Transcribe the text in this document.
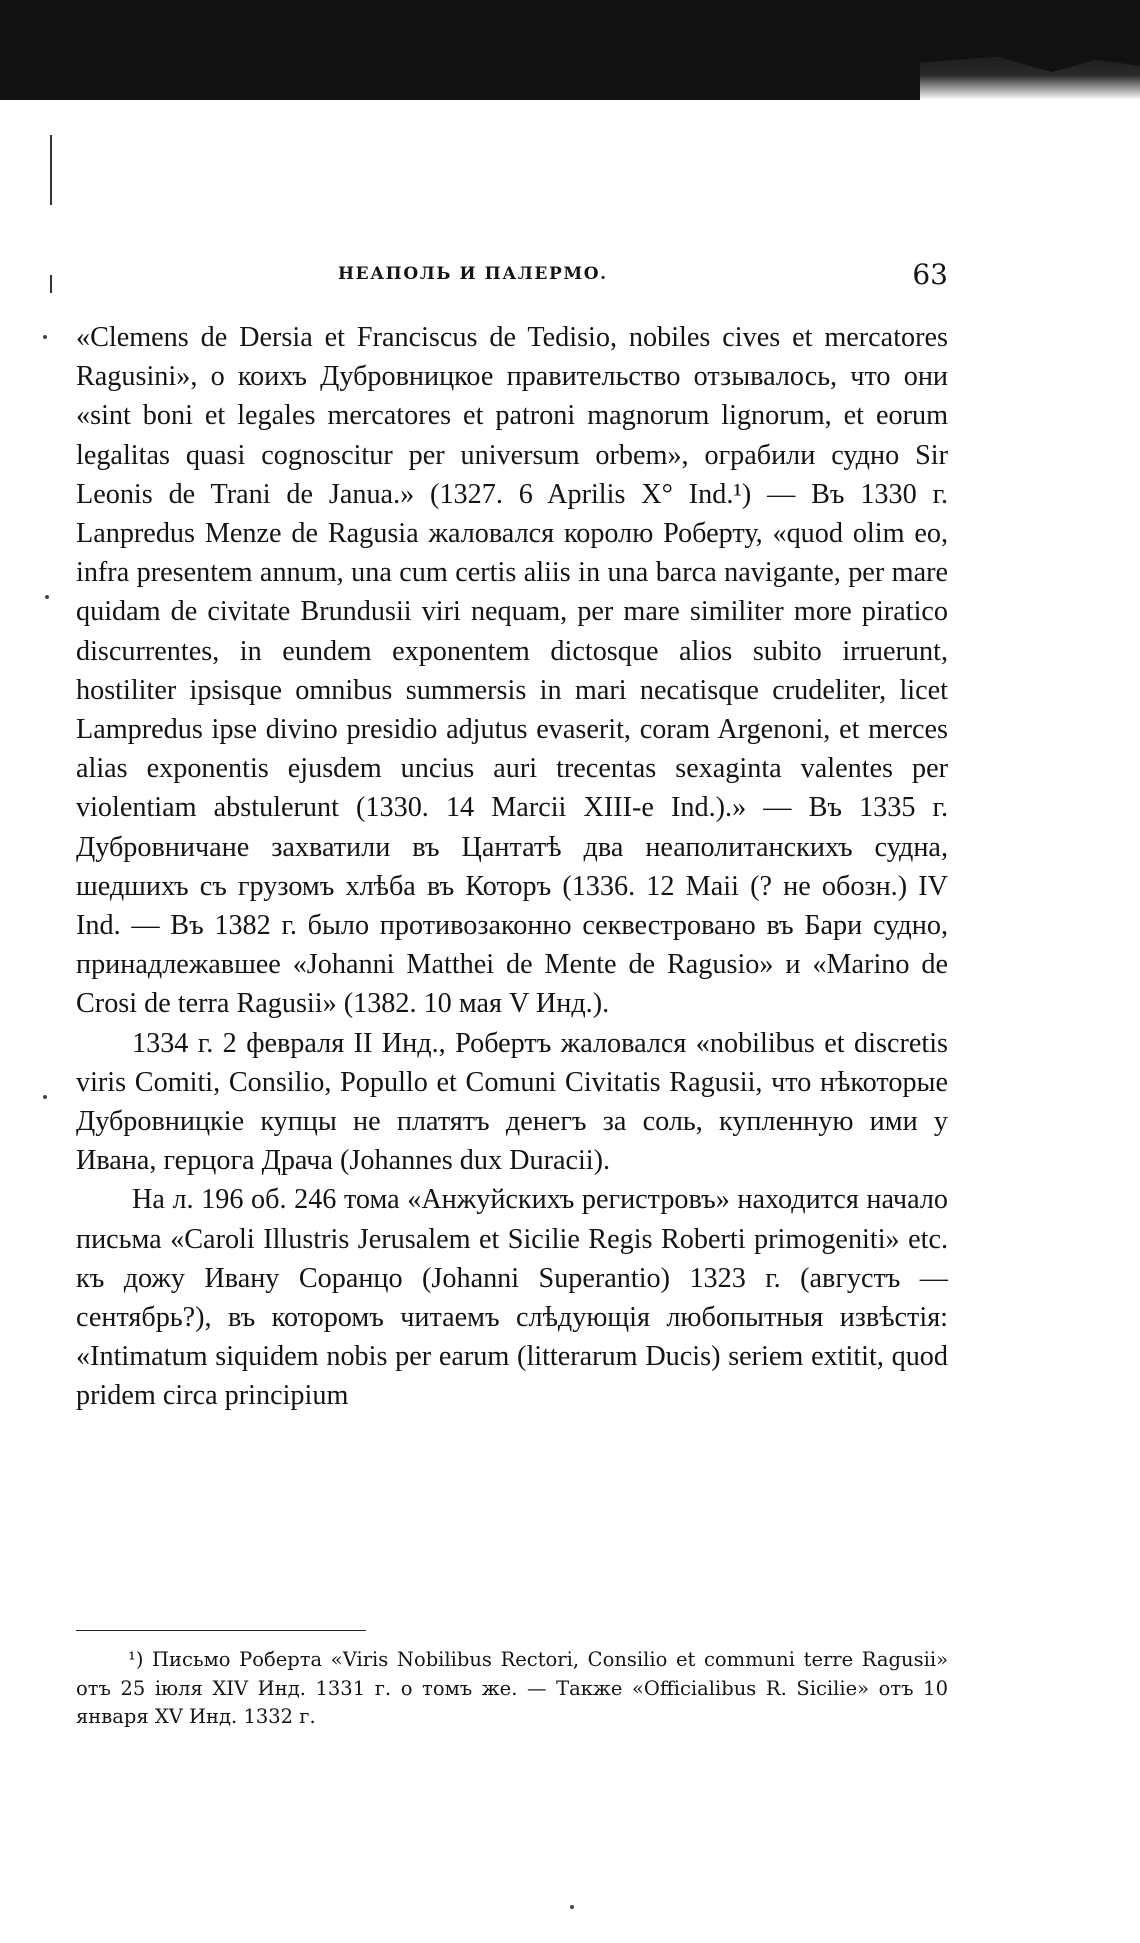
НЕАПОЛЬ И ПАЛЕРМО.	63

«Clemens de Dersia et Franciscus de Tedisio, nobiles cives et mercatores Ragusini», о коихъ Дубровницкое правительство отзывалось, что они «sint boni et legales mercatores et patroni magnorum lignorum, et eorum legalitas quasi cognoscitur per universum orbem», ограбили судно Sir Leonis de Trani de Janua.» (1327. 6 Aprilis X° Ind.¹) — Въ 1330 г. Lanpredus Menze de Ragusia жаловался королю Роберту, «quod olim eo, infra presentem annum, una cum certis aliis in una barca navigante, per mare quidam de civitate Brundusii viri nequam, per mare similiter more piratico discurrentes, in eundem exponentem dictosque alios subito irruerunt, hostiliter ipsisque omnibus summersis in mari necatisque crudeliter, licet Lampredus ipse divino presidio adjutus evaserit, coram Argenoni, et merces alias exponentis ejusdem uncius auri trecentas sexaginta valentes per violentiam abstulerunt (1330. 14 Marcii XIII-e Ind.).» — Въ 1335 г. Дубровничане захватили въ Цантатѣ два неаполитанскихъ судна, шедшихъ съ грузомъ хлѣба въ Которъ (1336. 12 Maii (? не обозн.) IV Ind. — Въ 1382 г. было противозаконно секвестровано въ Бари судно, принадлежавшее «Johanni Matthei de Mente de Ragusio» и «Marino de Crosi de terra Ragusii» (1382. 10 мая V Инд.).

1334 г. 2 февраля II Инд., Робертъ жаловался «nobilibus et discretis viris Comiti, Consilio, Popullo et Comuni Civitatis Ragusii, что нѣкоторые Дубровницкіе купцы не платятъ денегъ за соль, купленную ими у Ивана, герцога Драча (Johannes dux Duracii).

На л. 196 об. 246 тома «Анжуйскихъ регистровъ» находится начало письма «Caroli Illustris Jerusalem et Sicilie Regis Roberti primogeniti» etc. къ дожу Ивану Соранцо (Johanni Superantio) 1323 г. (августъ — сентябрь?), въ которомъ читаемъ слѣдующія любопытныя извѣстія: «Intimatum siquidem nobis per earum (litterarum Ducis) seriem extitit, quod pridem circa principium

¹) Письмо Роберта «Viris Nobilibus Rectori, Consilio et communi terre Ragusii» отъ 25 іюля XIV Инд. 1331 г. о томъ же. — Также «Officialibus R. Sicilie» отъ 10 января XV Инд. 1332 г.
